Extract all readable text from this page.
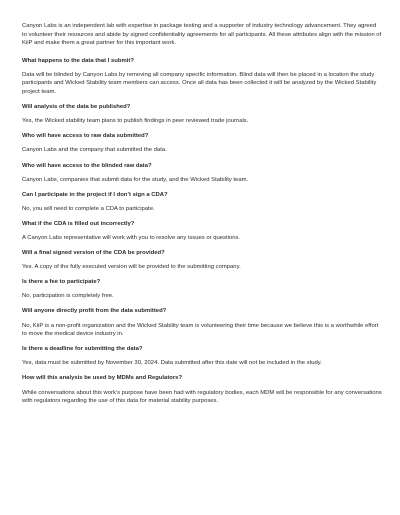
Canyon Labs is an independent lab with expertise in package testing and a supporter of industry technology advancement. They agreed to volunteer their resources and abide by signed confidentiality agreements for all participants. All these attributes align with the mission of KiiP and make them a great partner for this important work.

What happens to the data that I submit?

Data will be blinded by Canyon Labs by removing all company specific information. Blind data will then be placed in a location the study participants and Wicked Stability team members can access. Once all data has been collected it will be analyzed by the Wicked Stability project team.

Will analysis of the data be published?

Yes, the Wicked stability team plans to publish findings in peer reviewed trade journals.

Who will have access to raw data submitted?

Canyon Labs and the company that submitted the data.

Who will have access to the blinded raw data?

Canyon Labs, companies that submit data for the study, and the Wicked Stability team.

Can I participate in the project if I don’t sign a CDA?

No, you will need to complete a CDA to participate.

What if the CDA is filled out incorrectly?

A Canyon Labs representative will work with you to resolve any issues or questions.

Will a final signed version of the CDA be provided?

Yes. A copy of the fully executed version will be provided to the submitting company.

Is there a fee to participate?

No, participation is completely free.

Will anyone directly profit from the data submitted?

No, KiiP is a non-profit organization and the Wicked Stability team is volunteering their time because we believe this is a worthwhile effort to move the medical device industry in.

Is there a deadline for submitting the data?

Yes, data must be submitted by November 30, 2024. Data submitted after this date will not be included in the study.

How will this analysis be used by MDMs and Regulators?

While conversations about this work’s purpose have been had with regulatory bodies, each MDM will be responsible for any conversations with regulators regarding the use of this data for material stability purposes.
